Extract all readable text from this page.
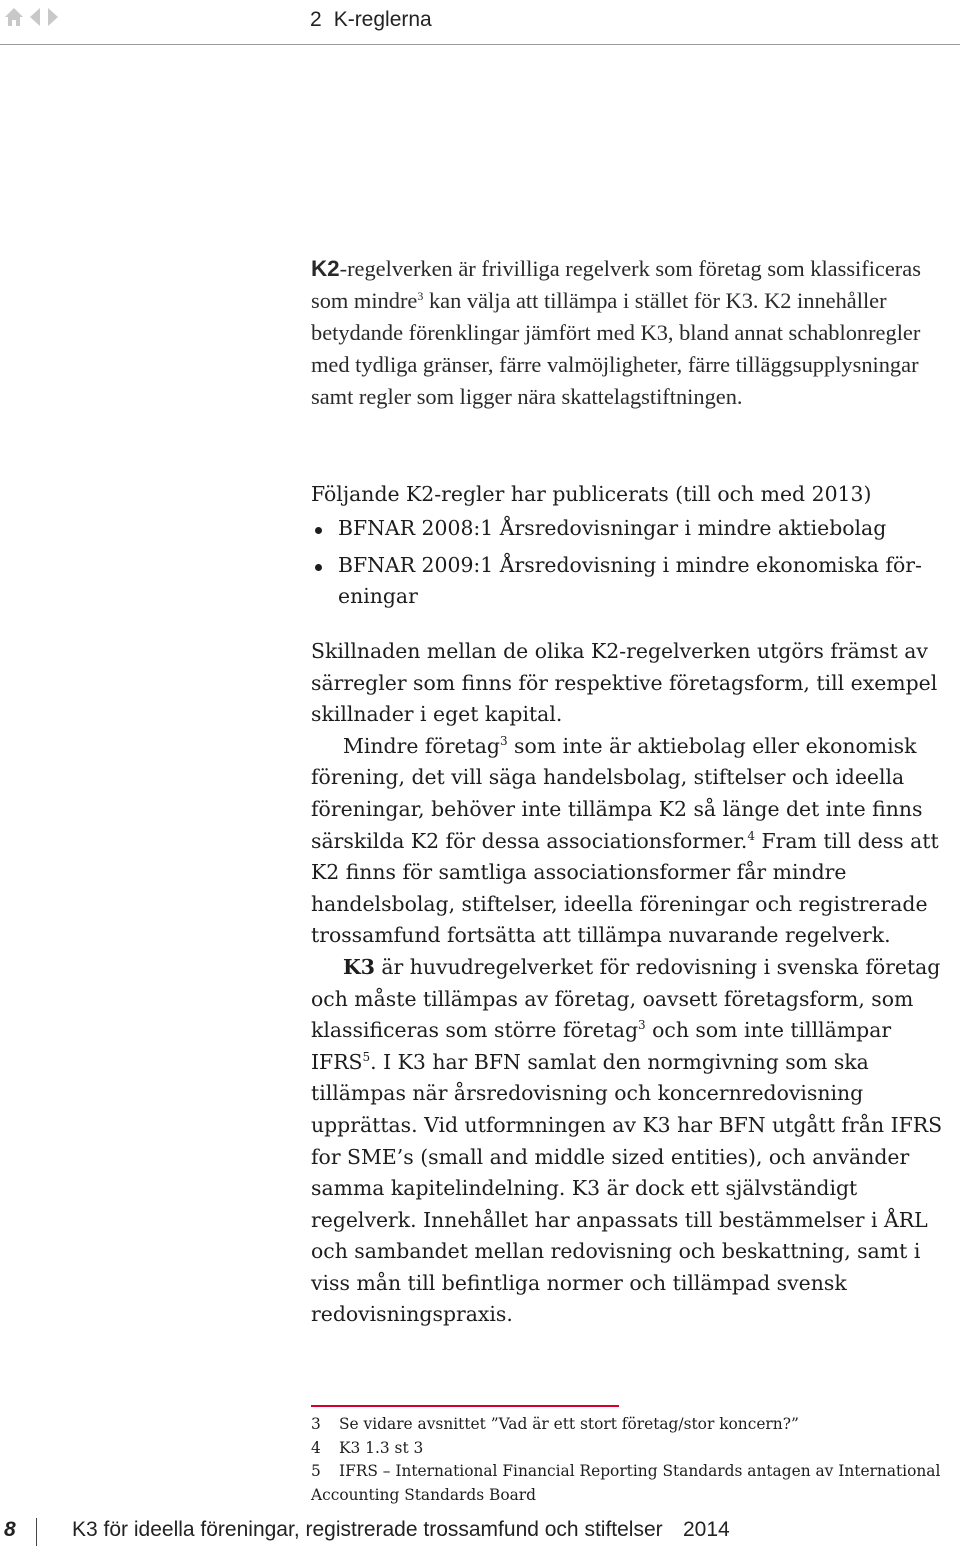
2 K-reglerna
K2-regelverken är frivilliga regelverk som företag som klassificeras som mindre$^3$ kan välja att tillämpa i stället för K3. K2 innehåller betydande förenklingar jämfört med K3, bland annat schablonregler med tydliga gränser, färre valmöjligheter, färre tilläggsupplysningar samt regler som ligger nära skattelagstiftningen.
Följande K2-regler har publicerats (till och med 2013)
BFNAR 2008:1 Årsredovisningar i mindre aktiebolag
BFNAR 2009:1 Årsredovisning i mindre ekonomiska föreningar

Skillnaden mellan de olika K2-regelverken utgörs främst av särregler som finns för respektive företagsform, till exempel skillnader i eget kapital.

Mindre företag$^3$ som inte är aktiebolag eller ekonomisk förening, det vill säga handelsbolag, stiftelser och ideella föreningar, behöver inte tillämpa K2 så länge det inte finns särskilda K2 för dessa associationsformer.$^4$ Fram till dess att K2 finns för samtliga associationsformer får mindre handelsbolag, stiftelser, ideella föreningar och registrerade trossamfund fortsätta att tillämpa nuvarande regelverk.

K3 är huvudregelverket för redovisning i svenska företag och måste tillämpas av företag, oavsett företagsform, som klassificeras som större företag$^3$ och som inte tilllämpar IFRS$^5$. I K3 har BFN samlat den normgivning som ska tillämpas när årsredovisning och koncernredovisning upprättas. Vid utformningen av K3 har BFN utgått från IFRS for SME’s (small and middle sized entities), och använder samma kapitelindelning. K3 är dock ett självständigt regelverk. Innehållet har anpassats till bestämmelser i ÅRL och sambandet mellan redovisning och beskattning, samt i viss mån till befintliga normer och tillämpad svensk redovisningspraxis.

3	Se vidare avsnittet ”Vad är ett stort företag/stor koncern?”
4	K3 1.3 st 3
5 IFRS – International Financial Reporting Standards antagen av International Accounting Standards Board
8	K3 för ideella föreningar, registrerade trossamfund och stiftelser 2014
